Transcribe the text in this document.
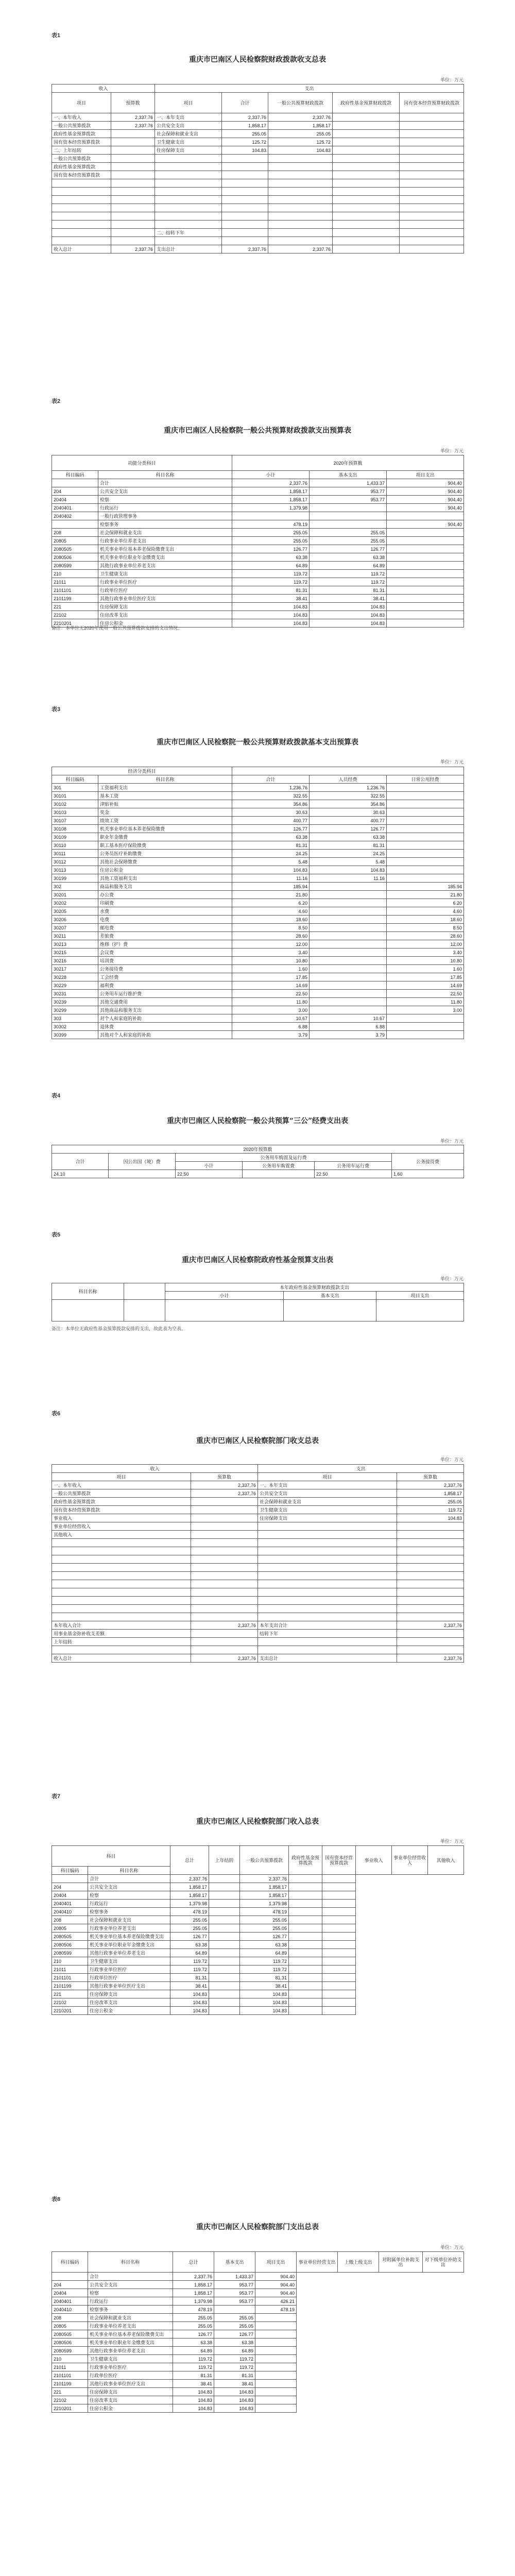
表1
重庆市巴南区人民检察院财政拨款收支总表
单位：万元
收入		支出				
项目	预算数	项目	合计	一般公共预算财政拨款	政府性基金预算财政拨款	国有资本经营预算财政拨款
一、本年收入	2,337.76	一、本年支出	2,337.76	2,337.76		
一般公共预算拨款	2,337.76	公共安全支出	1,858.17	1,858.17		
政府性基金预算拨款		社会保障和就业支出	255.05	255.05		
国有资本经营预算拨款		卫生健康支出	125.72	125.72		
二、上年结转		住房保障支出	104.83	104.83		
一般公共预算拨款						
政府性基金预算拨款						
国有资本经营预算拨款						

		二、结转下年				

收入总计	2,337.76	支出总计	2,337.76	2,337.76		
表2
重庆市巴南区人民检察院一般公共预算财政拨款支出预算表
单位：万元
功能分类科目		2020年预算数		
科目编码	科目名称	小计	基本支出	项目支出
	合计	2,337.76	1,433.37	904.40
204	公共安全支出	1,858.17	953.77	904.40
20404	检察	1,858.17	953.77	904.40
2040401	行政运行	1,379.98		904.40
2040402	一般行政管理事务			
	检察事务	478.19		904.40
208	社会保障和就业支出	255.05	255.05	
20805	行政事业单位养老支出	255.05	255.05	
2080505	机关事业单位基本养老保险缴费支出	126.77	126.77	
2080506	机关事业单位职业年金缴费支出	63.38	63.38	
2080599	其他行政事业单位养老支出	64.89	64.89	
210	卫生健康支出	119.72	119.72	
21011	行政事业单位医疗	119.72	119.72	
2101101	行政单位医疗	81.31	81.31	
2101199	其他行政事业单位医疗支出	38.41	38.41	
221	住房保障支出	104.83	104.83	
22102	住房改革支出	104.83	104.83	
2210201	住房公积金	104.83	104.83	
备注：本单位无2020年使用一般公共预算拨款安排的支出情况。
表3
重庆市巴南区人民检察院一般公共预算财政拨款基本支出预算表
单位：万元
经济分类科目				
科目编码	科目名称	合计	人员经费	日常公用经费
301	工资福利支出	1,236.76	1,236.76	
30101	基本工资	322.55	322.55	
30102	津贴补贴	354.86	354.86	
30103	奖金	30.63	30.63	
30107	绩效工资	400.77	400.77	
30108	机关事业单位基本养老保险缴费	126.77	126.77	
30109	职业年金缴费	63.38	63.38	
30110	职工基本医疗保险缴费	81.31	81.31	
30111	公务员医疗补助缴费	24.25	24.25	
30112	其他社会保障缴费	5.48	5.48	
30113	住房公积金	104.83	104.83	
30199	其他工资福利支出	11.16	11.16	
302	商品和服务支出	185.94		185.94
30201	办公费	21.80		21.80
30202	印刷费	6.20		6.20
30205	水费	4.60		4.60
30206	电费	18.60		18.60
30207	邮电费	8.50		8.50
30211	差旅费	28.60		28.60
30213	维修（护）费	12.00		12.00
30215	会议费	3.40		3.40
30216	培训费	10.80		10.80
30217	公务接待费	1.60		1.60
30228	工会经费	17.85		17.85
30229	福利费	14.69		14.69
30231	公务用车运行维护费	22.50		22.50
30239	其他交通费用	11.80		11.80
30299	其他商品和服务支出	3.00		3.00
303	对个人和家庭的补助	10.67	10.67	
30302	退休费	6.88	6.88	
30399	其他对个人和家庭的补助	3.79	3.79	
表4
重庆市巴南区人民检察院一般公共预算“三公”经费支出表
单位：万元
2020年预算数					
合计	因公出国（境）费	公务用车购置及运行费			公务接待费
		小计	公务用车购置费	公务用车运行费	
24.10		22.50		22.50	1.60
表5
重庆市巴南区人民检察院政府性基金预算支出表
单位：万元
科目名称		本年政府性基金预算财政拨款支出		
		小计	基本支出	项目支出

备注：本单位无政府性基金预算拨款安排的支出，故此表为空表。
表6
重庆市巴南区人民检察院部门收支总表
单位：万元
收入		支出	
项目	预算数	项目	预算数
一、本年收入	2,337.76	一、本年支出	2,337.76
一般公共预算拨款	2,337.76	公共安全支出	1,858.17
政府性基金预算拨款		社会保障和就业支出	255.05
国有资本经营预算拨款		卫生健康支出	119.72
事业收入		住房保障支出	104.83
事业单位经营收入			
其他收入			

本年收入合计	2,337.76	本年支出合计	2,337.76
用事业基金弥补收支差额		结转下年	
上年结转			

收入总计	2,337.76	支出总计	2,337.76
表7
重庆市巴南区人民检察院部门收入总表
单位：万元
科目		总计	上年结转	一般公共预算拨款	政府性基金预算拨款	国有资本经营预算拨款	事业收入	事业单位经营收入	其他收入
科目编码	科目名称								
	合计	2,337.76		2,337.76					
204	公共安全支出	1,858.17		1,858.17					
20404	检察	1,858.17		1,858.17					
2040401	行政运行	1,379.98		1,379.98					
2040410	检察事务	478.19		478.19					
208	社会保障和就业支出	255.05		255.05					
20805	行政事业单位养老支出	255.05		255.05					
2080505	机关事业单位基本养老保险缴费支出	126.77		126.77					
2080506	机关事业单位职业年金缴费支出	63.38		63.38					
2080599	其他行政事业单位养老支出	64.89		64.89					
210	卫生健康支出	119.72		119.72					
21011	行政事业单位医疗	119.72		119.72					
2101101	行政单位医疗	81.31		81.31					
2101199	其他行政事业单位医疗支出	38.41		38.41					
221	住房保障支出	104.83		104.83					
22102	住房改革支出	104.83		104.83					
2210201	住房公积金	104.83		104.83					
表8
重庆市巴南区人民检察院部门支出总表
单位：万元
科目编码	科目名称	总计	基本支出	项目支出	事业单位经营支出	上缴上级支出	对附属单位补助支出	对下级单位补助支出
	合计	2,337.76	1,433.37	904.40				
204	公共安全支出	1,858.17	953.77	904.40				
20404	检察	1,858.17	953.77	904.40				
2040401	行政运行	1,379.98	953.77	426.21				
2040410	检察事务	478.19		478.19				
208	社会保障和就业支出	255.05	255.05					
20805	行政事业单位养老支出	255.05	255.05					
2080505	机关事业单位基本养老保险缴费支出	126.77	126.77					
2080506	机关事业单位职业年金缴费支出	63.38	63.38					
2080599	其他行政事业单位养老支出	64.89	64.89					
210	卫生健康支出	119.72	119.72					
21011	行政事业单位医疗	119.72	119.72					
2101101	行政单位医疗	81.31	81.31					
2101199	其他行政事业单位医疗支出	38.41	38.41					
221	住房保障支出	104.83	104.83					
22102	住房改革支出	104.83	104.83					
2210201	住房公积金	104.83	104.83					
